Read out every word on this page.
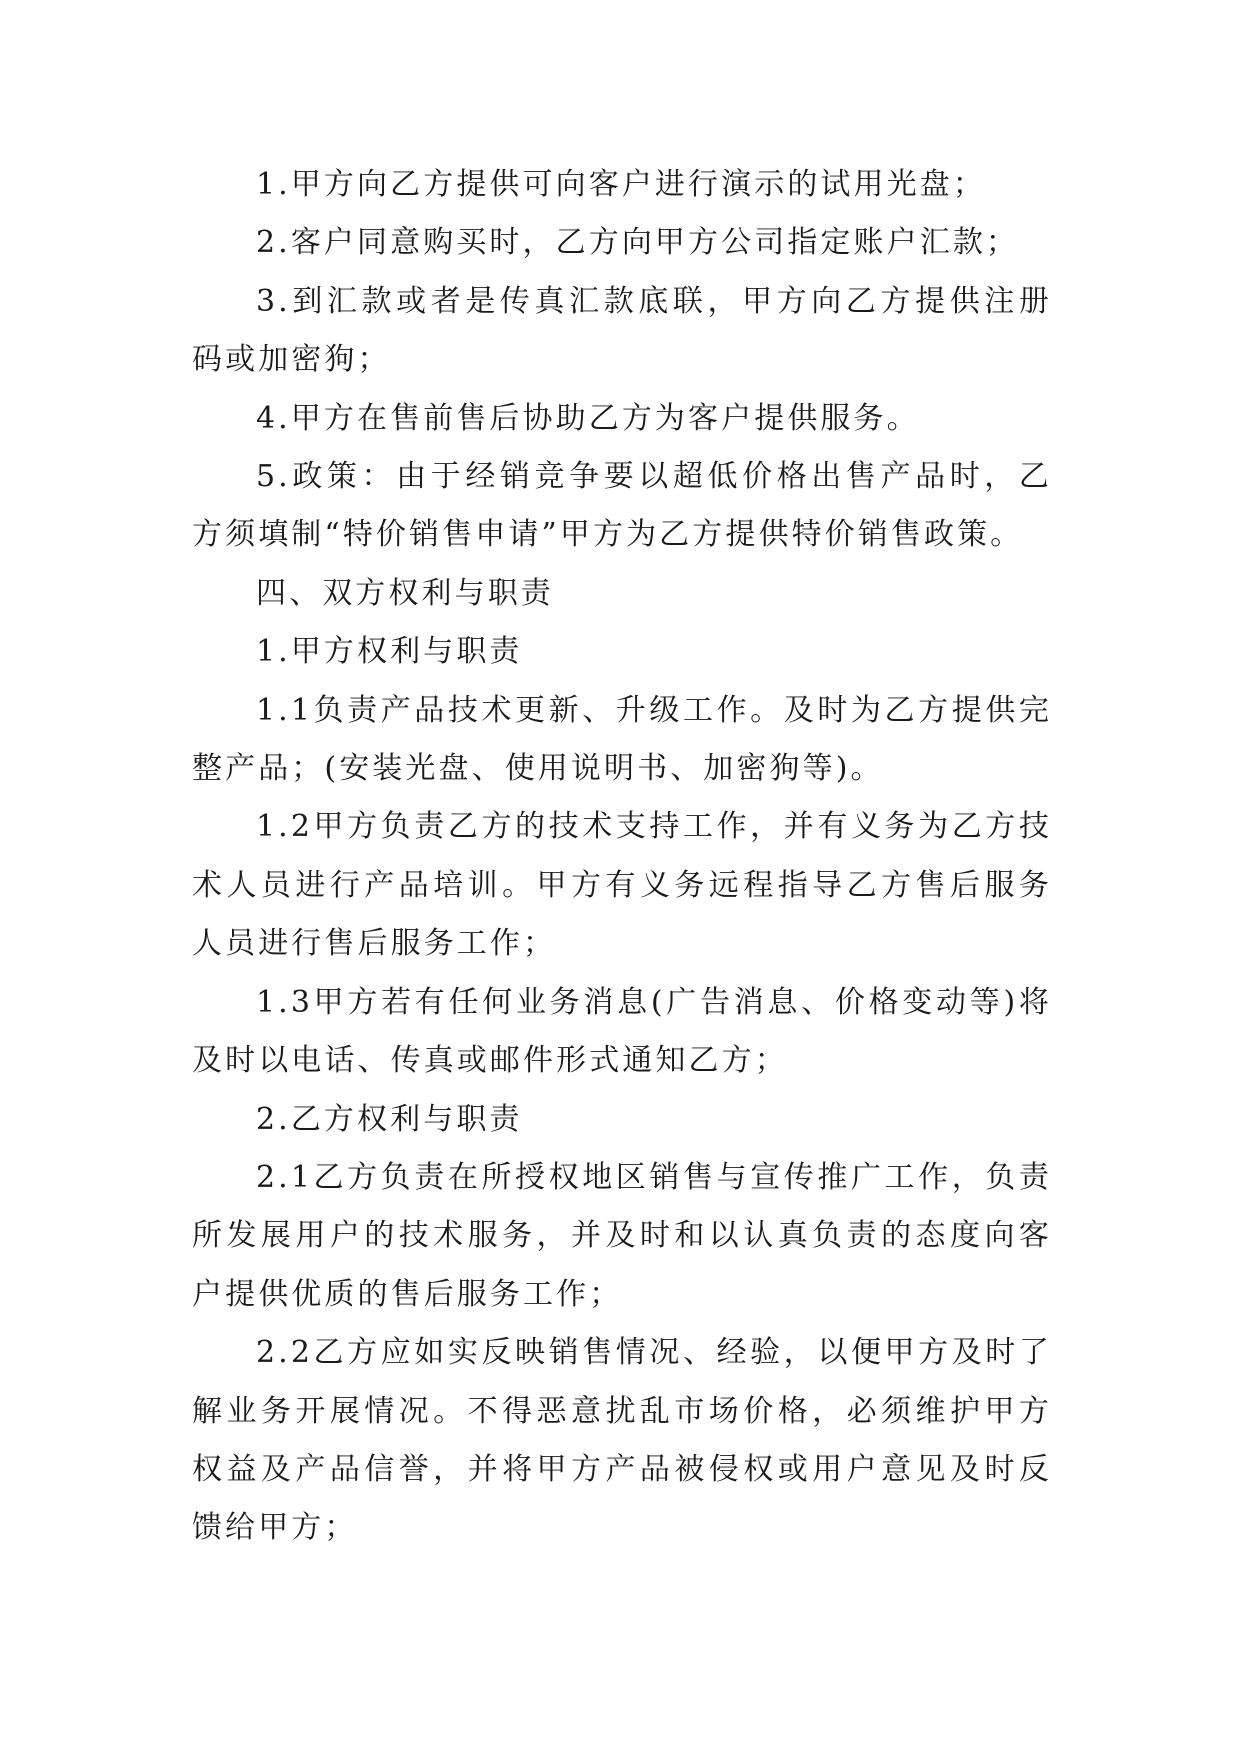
1.甲方向乙方提供可向客户进行演示的试用光盘；

2.客户同意购买时，乙方向甲方公司指定账户汇款；

3.到汇款或者是传真汇款底联，甲方向乙方提供注册码或加密狗；

4.甲方在售前售后协助乙方为客户提供服务。

5.政策：由于经销竞争要以超低价格出售产品时，乙方须填制“特价销售申请”甲方为乙方提供特价销售政策。

四、双方权利与职责

1.甲方权利与职责

1.1负责产品技术更新、升级工作。及时为乙方提供完整产品；(安装光盘、使用说明书、加密狗等)。

1.2甲方负责乙方的技术支持工作，并有义务为乙方技术人员进行产品培训。甲方有义务远程指导乙方售后服务人员进行售后服务工作；

1.3甲方若有任何业务消息(广告消息、价格变动等)将及时以电话、传真或邮件形式通知乙方；

2.乙方权利与职责

2.1乙方负责在所授权地区销售与宣传推广工作，负责所发展用户的技术服务，并及时和以认真负责的态度向客户提供优质的售后服务工作；

2.2乙方应如实反映销售情况、经验，以便甲方及时了解业务开展情况。不得恶意扰乱市场价格，必须维护甲方权益及产品信誉，并将甲方产品被侵权或用户意见及时反馈给甲方；
